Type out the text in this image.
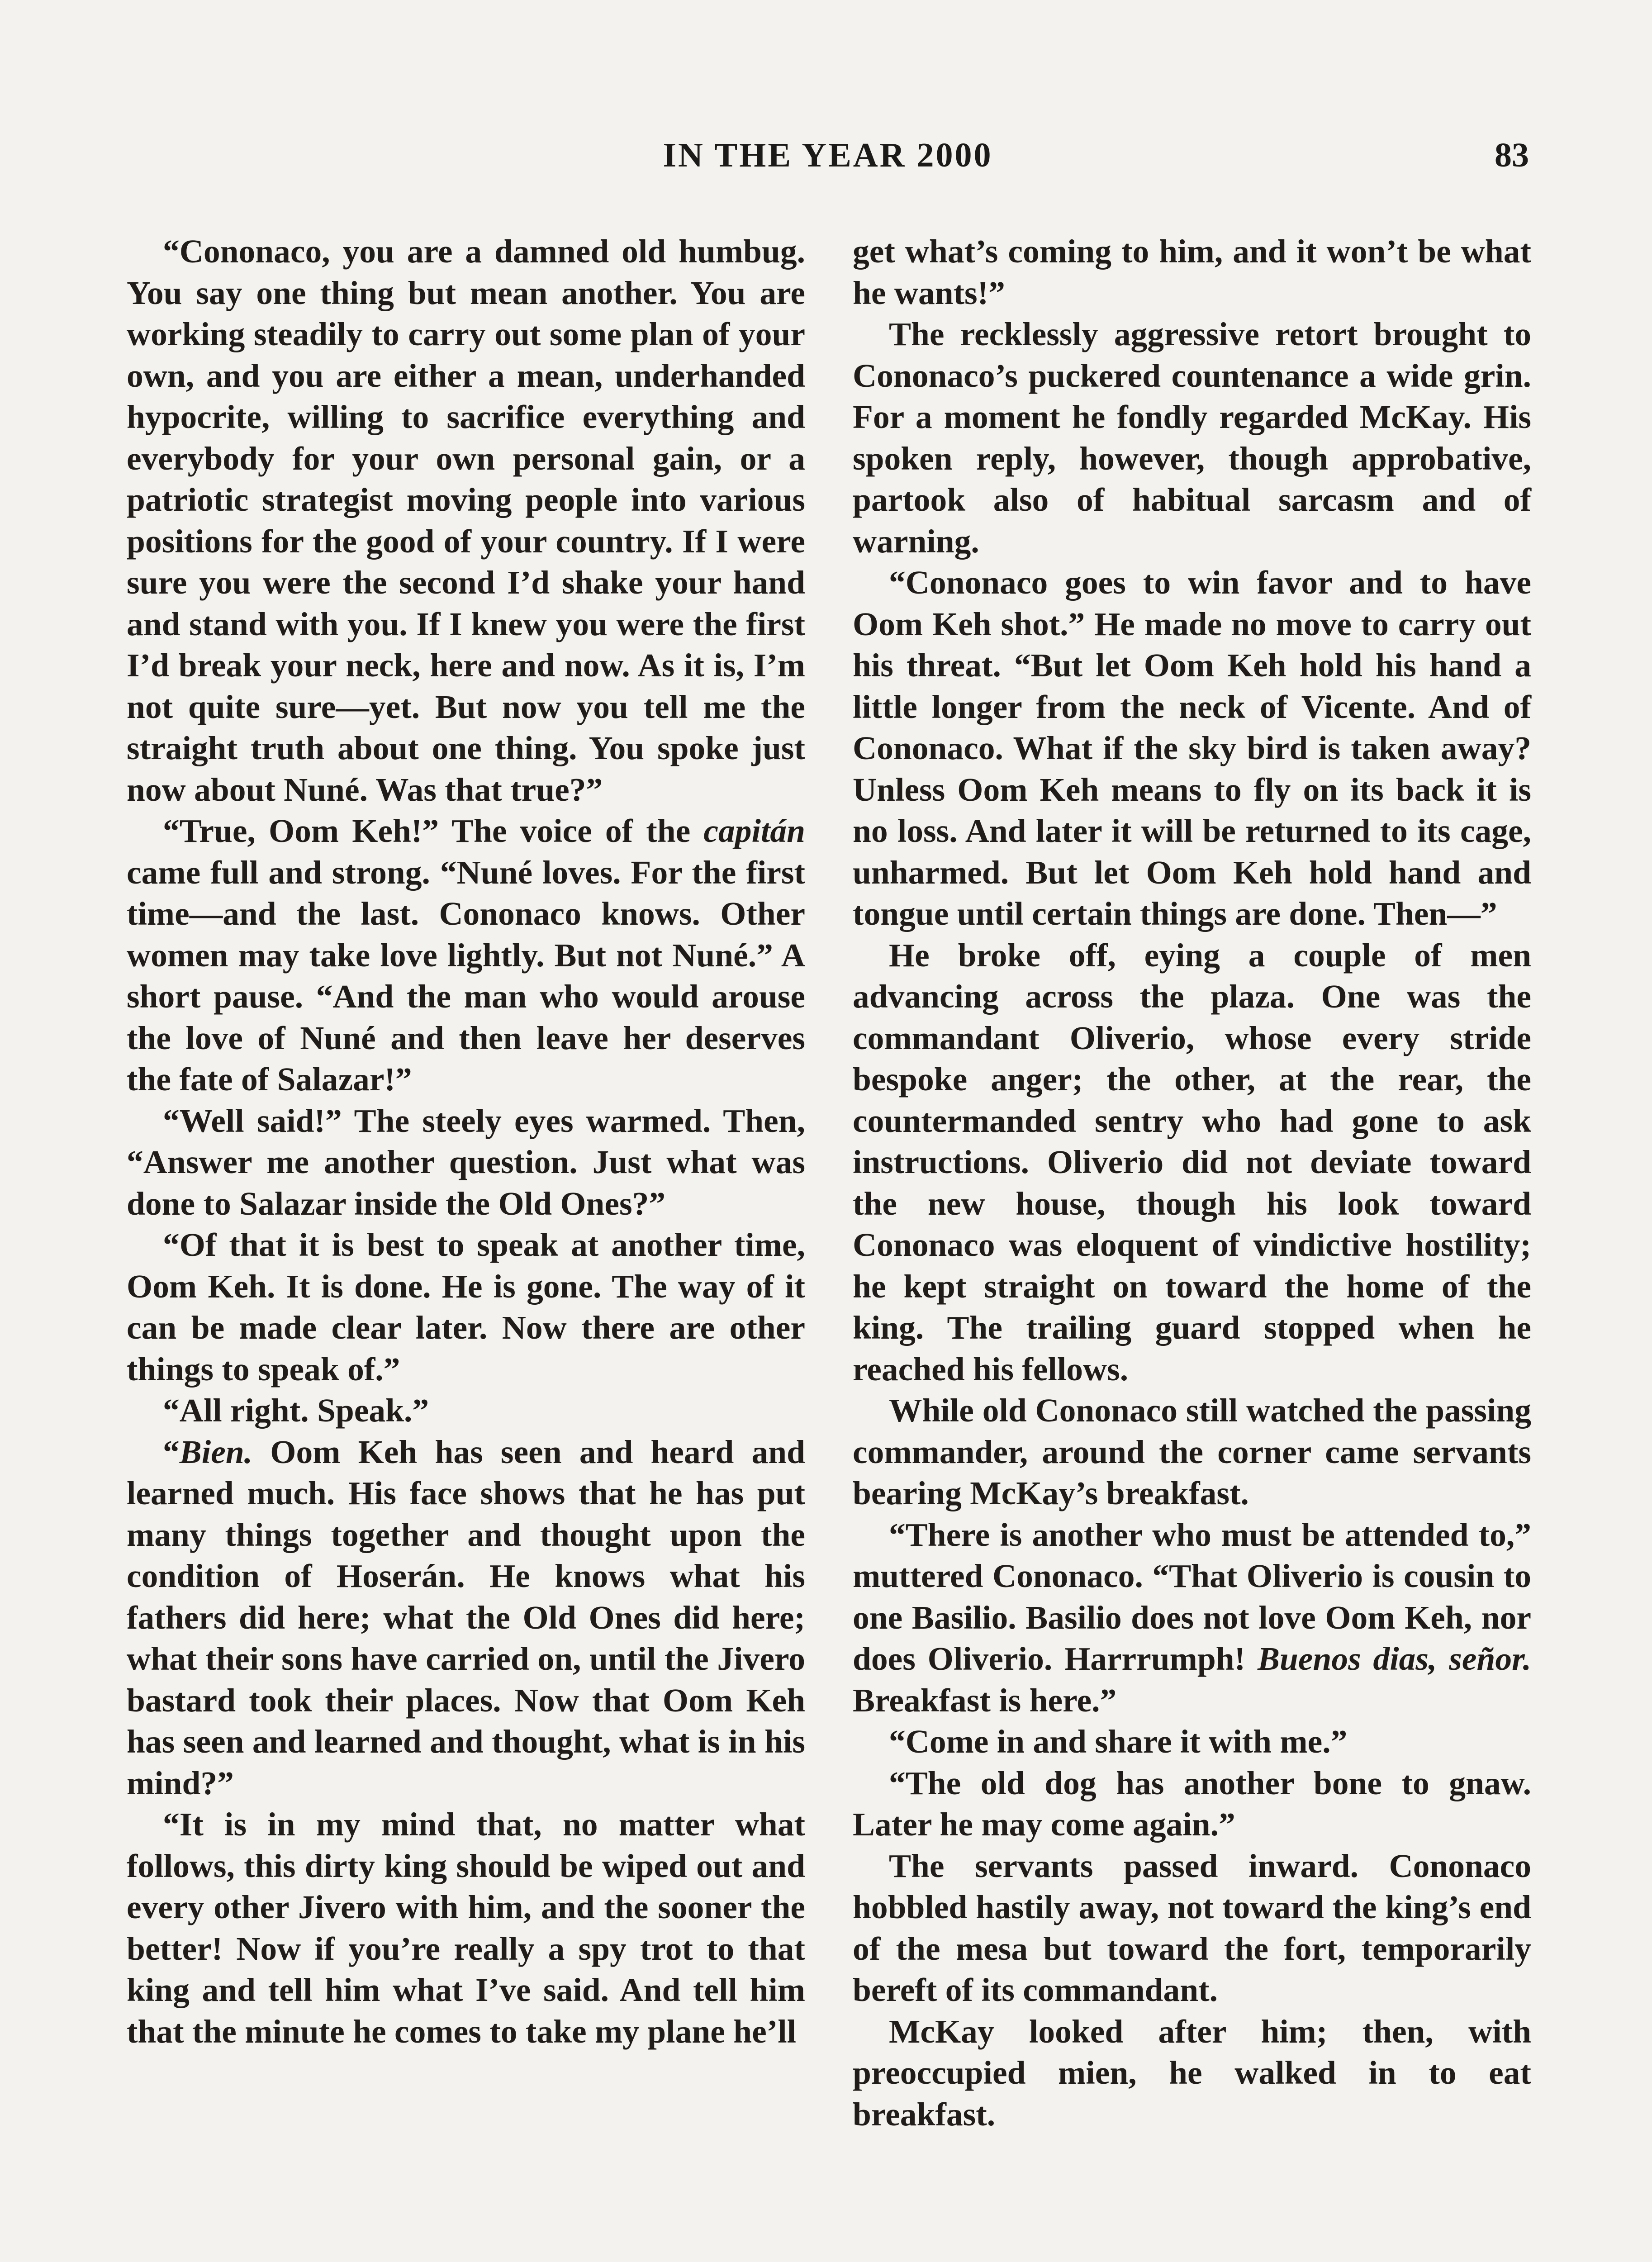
IN THE YEAR 2000	83

“Cononaco, you are a damned old humbug. You say one thing but mean another. You are working steadily to carry out some plan of your own, and you are either a mean, underhanded hypocrite, willing to sacrifice everything and everybody for your own personal gain, or a patriotic strategist moving people into various positions for the good of your country. If I were sure you were the second I’d shake your hand and stand with you. If I knew you were the first I’d break your neck, here and now. As it is, I’m not quite sure—yet. But now you tell me the straight truth about one thing. You spoke just now about Nuné. Was that true?”

“True, Oom Keh!” The voice of the capitán came full and strong. “Nuné loves. For the first time—and the last. Cononaco knows. Other women may take love lightly. But not Nuné.” A short pause. “And the man who would arouse the love of Nuné and then leave her deserves the fate of Salazar!”

“Well said!” The steely eyes warmed. Then, “Answer me another question. Just what was done to Salazar inside the Old Ones?”

“Of that it is best to speak at another time, Oom Keh. It is done. He is gone. The way of it can be made clear later. Now there are other things to speak of.”

“All right. Speak.”

“Bien. Oom Keh has seen and heard and learned much. His face shows that he has put many things together and thought upon the condition of Hoserán. He knows what his fathers did here; what the Old Ones did here; what their sons have carried on, until the Jivero bastard took their places. Now that Oom Keh has seen and learned and thought, what is in his mind?”

“It is in my mind that, no matter what follows, this dirty king should be wiped out and every other Jivero with him, and the sooner the better! Now if you’re really a spy trot to that king and tell him what I’ve said. And tell him that the minute he comes to take my plane he’ll

get what’s coming to him, and it won’t be what he wants!”

The recklessly aggressive retort brought to Cononaco’s puckered countenance a wide grin. For a moment he fondly regarded McKay. His spoken reply, however, though approbative, partook also of habitual sarcasm and of warning.

“Cononaco goes to win favor and to have Oom Keh shot.” He made no move to carry out his threat. “But let Oom Keh hold his hand a little longer from the neck of Vicente. And of Cononaco. What if the sky bird is taken away? Unless Oom Keh means to fly on its back it is no loss. And later it will be returned to its cage, unharmed. But let Oom Keh hold hand and tongue until certain things are done. Then—”

He broke off, eying a couple of men advancing across the plaza. One was the commandant Oliverio, whose every stride bespoke anger; the other, at the rear, the countermanded sentry who had gone to ask instructions. Oliverio did not deviate toward the new house, though his look toward Cononaco was eloquent of vindictive hostility; he kept straight on toward the home of the king. The trailing guard stopped when he reached his fellows.

While old Cononaco still watched the passing commander, around the corner came servants bearing McKay’s breakfast.

“There is another who must be attended to,” muttered Cononaco. “That Oliverio is cousin to one Basilio. Basilio does not love Oom Keh, nor does Oliverio. Harrrumph! Buenos dias, señor. Breakfast is here.”

“Come in and share it with me.”

“The old dog has another bone to gnaw. Later he may come again.”

The servants passed inward. Cononaco hobbled hastily away, not toward the king’s end of the mesa but toward the fort, temporarily bereft of its commandant.

McKay looked after him; then, with preoccupied mien, he walked in to eat breakfast.
